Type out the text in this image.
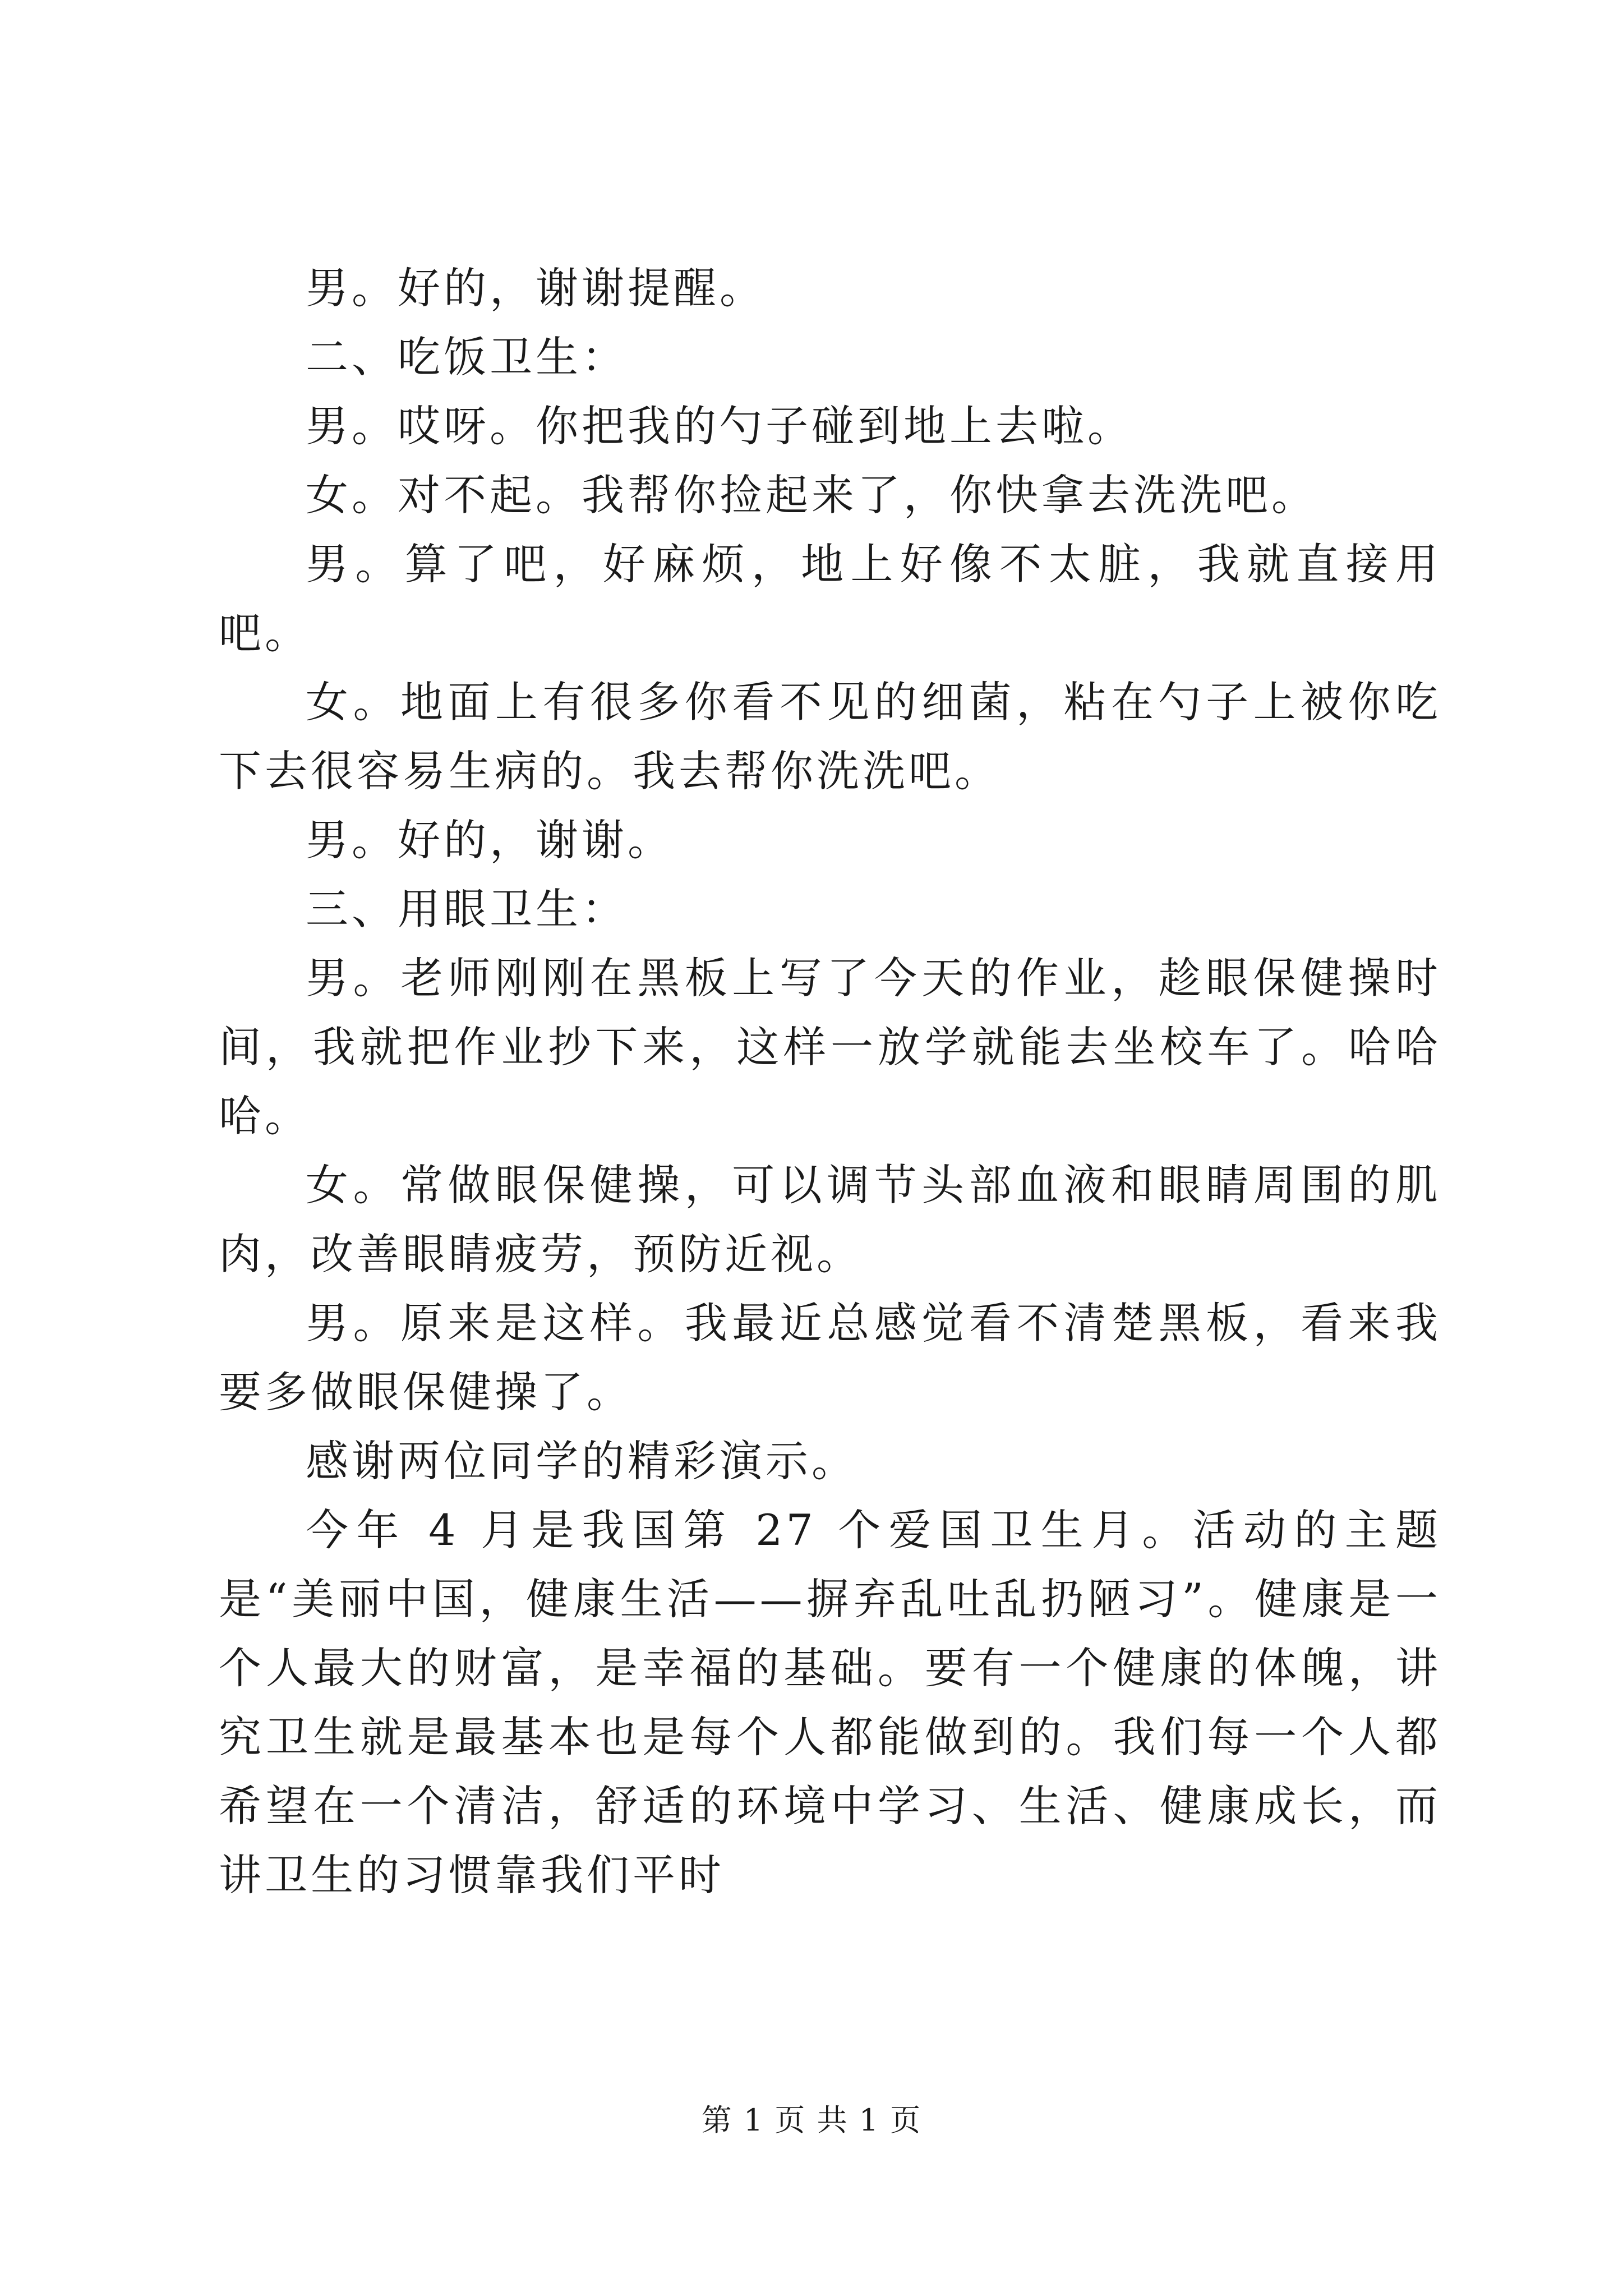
男。好的，谢谢提醒。

二、吃饭卫生：

男。哎呀。你把我的勺子碰到地上去啦。

女。对不起。我帮你捡起来了，你快拿去洗洗吧。

男。算了吧，好麻烦，地上好像不太脏，我就直接用吧。

女。地面上有很多你看不见的细菌，粘在勺子上被你吃下去很容易生病的。我去帮你洗洗吧。

男。好的，谢谢。

三、用眼卫生：

男。老师刚刚在黑板上写了今天的作业，趁眼保健操时间，我就把作业抄下来，这样一放学就能去坐校车了。哈哈哈。

女。常做眼保健操，可以调节头部血液和眼睛周围的肌肉，改善眼睛疲劳，预防近视。

男。原来是这样。我最近总感觉看不清楚黑板，看来我要多做眼保健操了。

感谢两位同学的精彩演示。

今年 4 月是我国第 27 个爱国卫生月。活动的主题是“美丽中国，健康生活——摒弃乱吐乱扔陋习”。健康是一个人最大的财富，是幸福的基础。要有一个健康的体魄，讲究卫生就是最基本也是每个人都能做到的。我们每一个人都希望在一个清洁，舒适的环境中学习、生活、健康成长，而讲卫生的习惯靠我们平时

第 1 页 共 1 页
